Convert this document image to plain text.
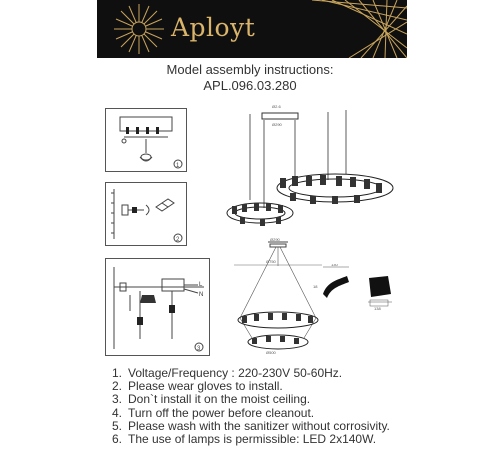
Aployt
Model assembly instructions:
APL.096.03.280
1
2
L
N
3
Ø2.6
Ø290
Ø290
Ø750
Ø500
130
18
138
1. Voltage/Frequency : 220-230V 50-60Hz.
2. Please wear gloves to install.
3. Don`t install it on the moist ceiling.
4. Turn off the power before cleanout.
5. Please wash with the sanitizer without corrosivity.
6. The use of lamps is permissible: LED 2x140W.
